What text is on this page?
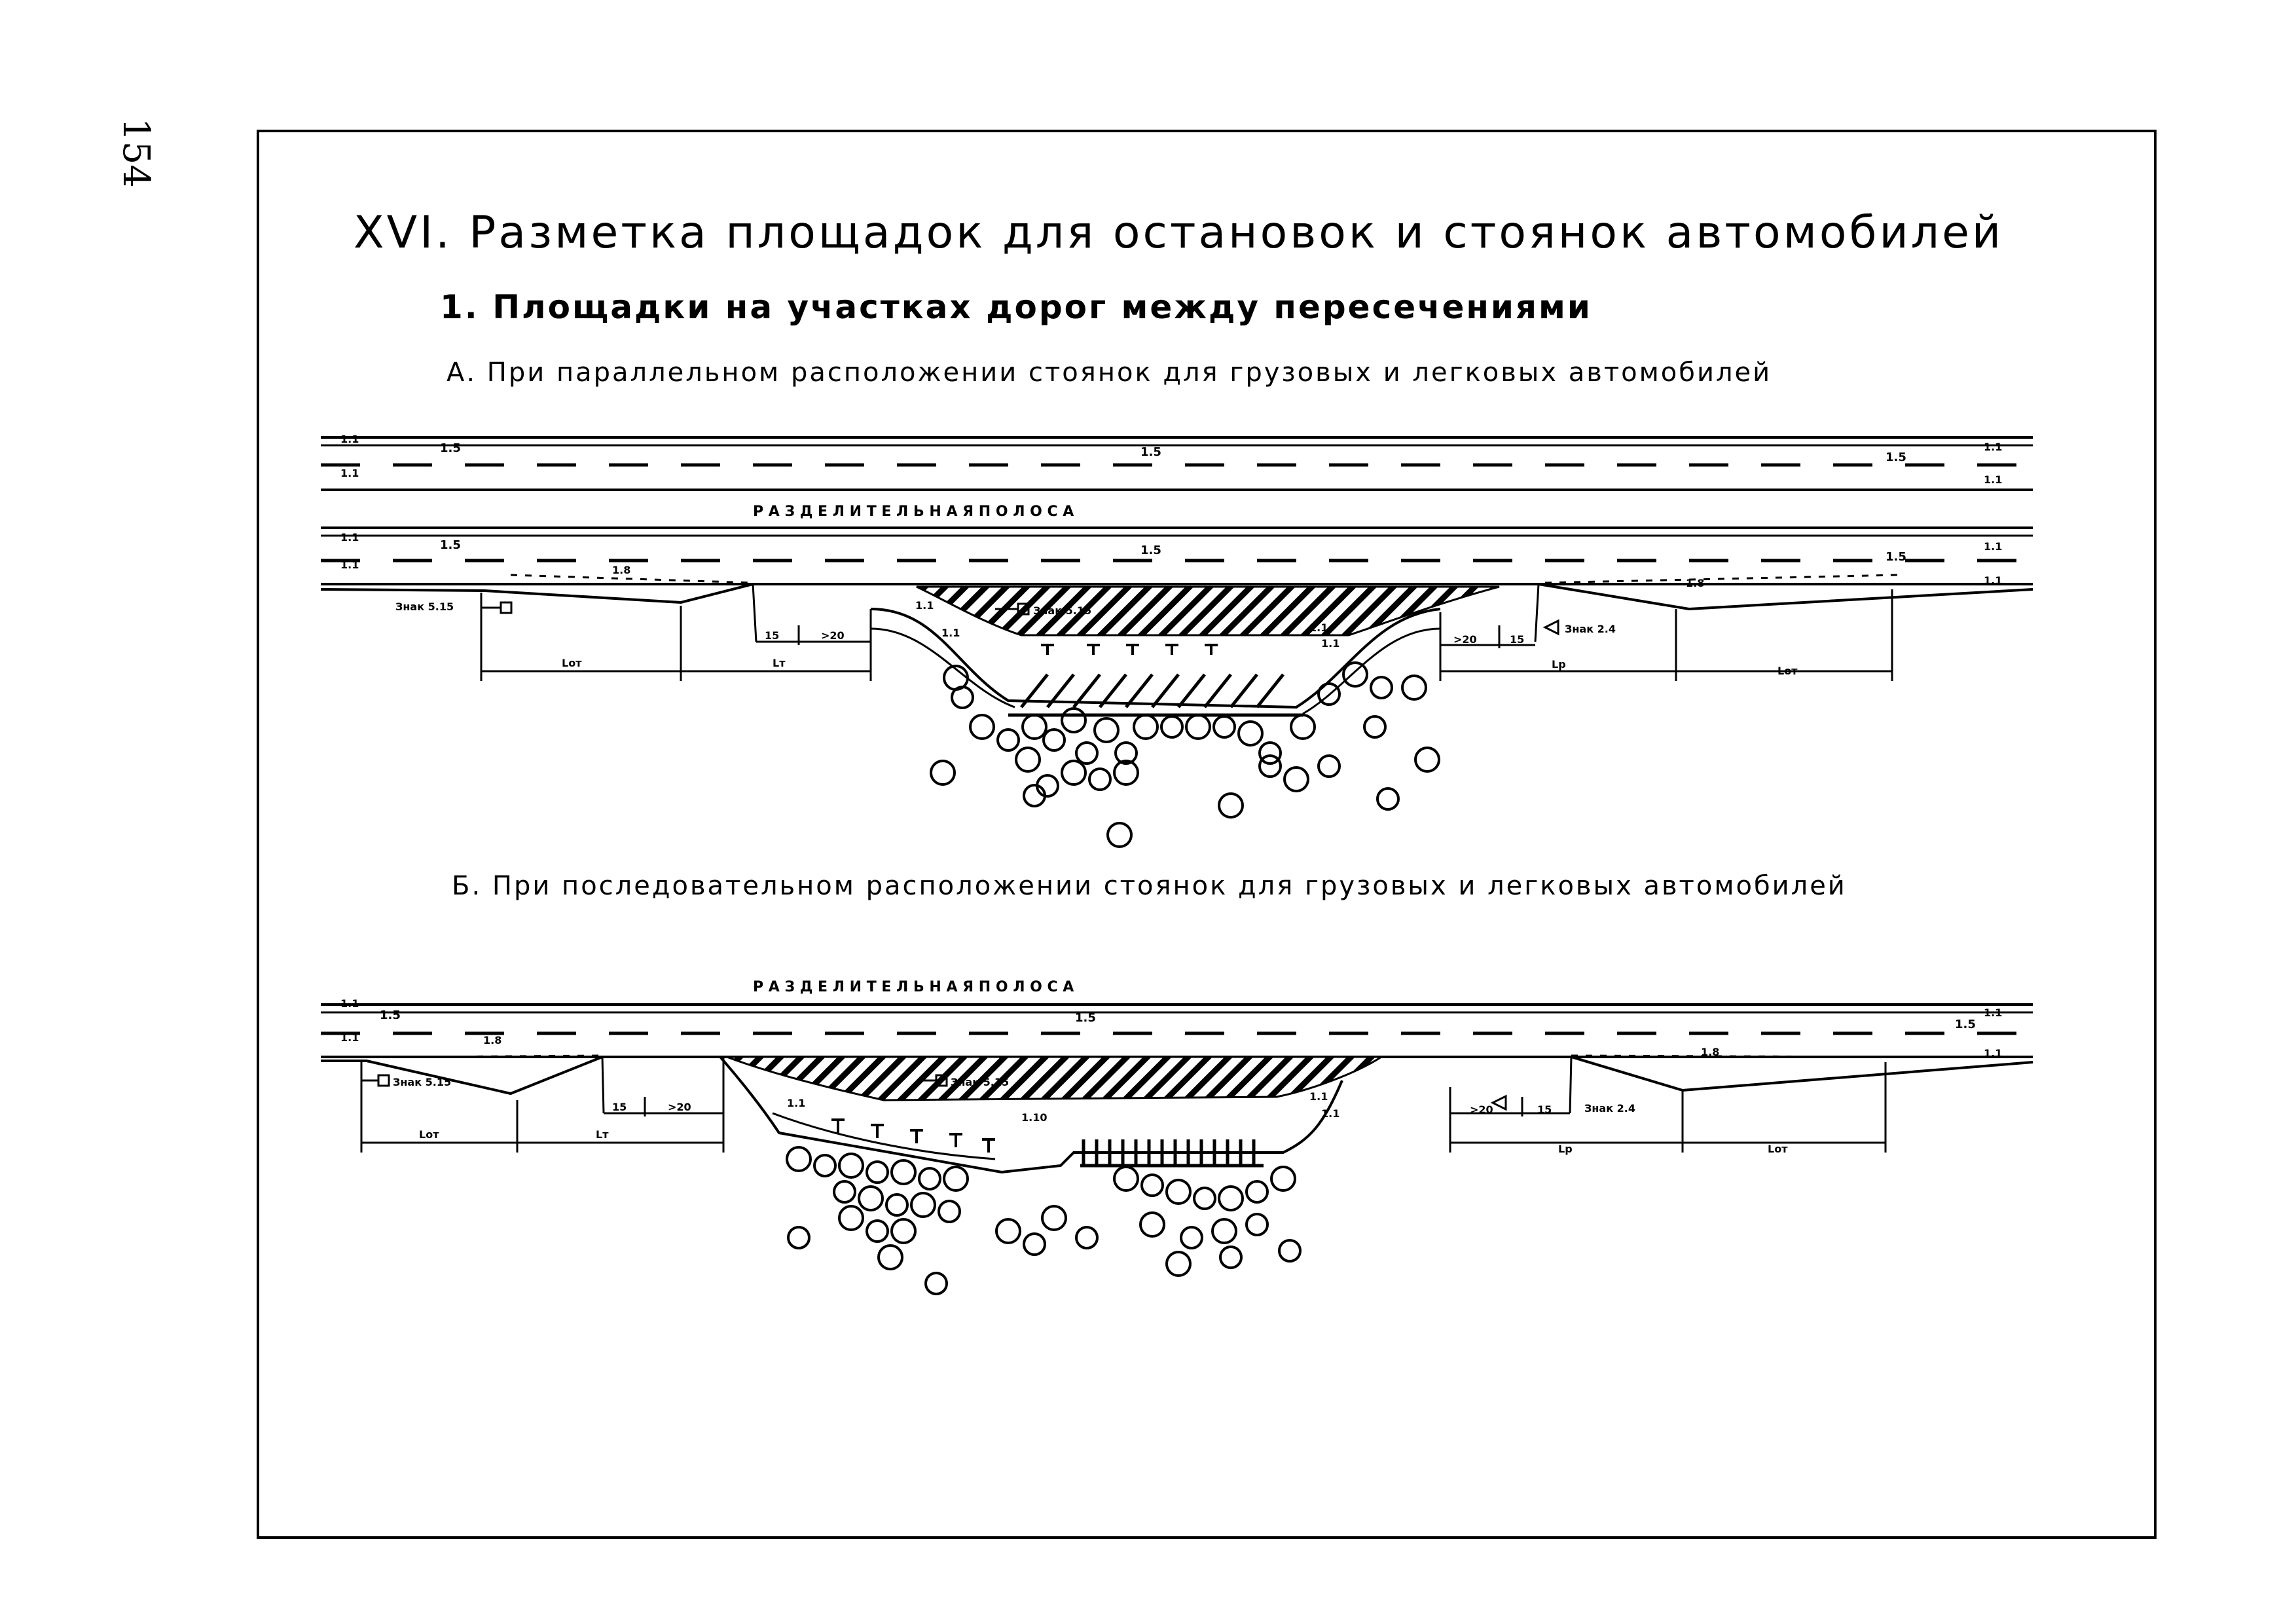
154
XVI. Разметка площадок для остановок и стоянок автомобилей
1. Площадки на участках дорог между пересечениями
А. При параллельном расположении стоянок для грузовых и легковых автомобилей
Б. При последовательном расположении стоянок для грузовых и легковых автомобилей
Р А З Д Е Л И Т Е Л Ь Н А Я П О Л О С А
1.1
1.5	1.5	1.5
1.1
1.1
1.1
1.1
1.1
1.5	1.5	1.5
1.8
1.8
1.1
1.1
1.1
1.1	1.1
1.1
Знак 5.15	Знак 5.15
Знак 2.4
15	>20	>20	15
Lот	Lт	Lр
Lот
Р А З Д Е Л И Т Е Л Ь Н А Я П О Л О С А
1.1
1.5	1.5	1.5
1.1
1.1
1.1
1.8
1.8
1.1
1.10
1.1
1.1
Знак 5.15	Знак 5.15
Знак 2.4
15	>20	>20	15
Lот	Lт
Lр	Lот
